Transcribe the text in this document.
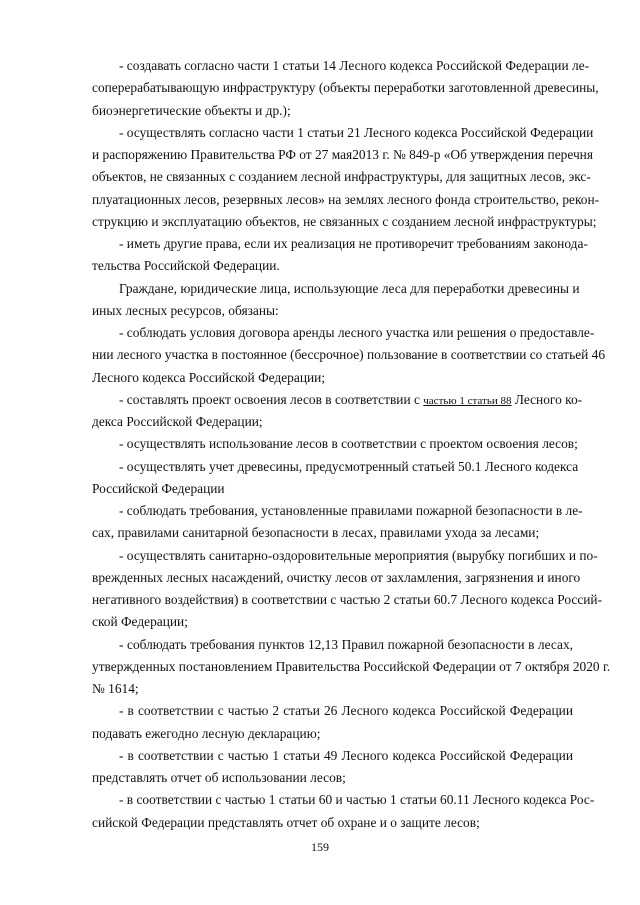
- создавать согласно части 1 статьи 14 Лесного кодекса Российской Федерации ле-
соперерабатывающую инфраструктуру (объекты переработки заготовленной древесины,
биоэнергетические объекты и др.);
- осуществлять согласно части 1 статьи 21 Лесного кодекса Российской Федерации
и распоряжению Правительства РФ от 27 мая2013 г. № 849-р «Об утверждения перечня
объектов, не связанных с созданием лесной инфраструктуры, для защитных лесов, экс-
плуатационных лесов, резервных лесов» на землях лесного фонда строительство, рекон-
струкцию и эксплуатацию объектов, не связанных с созданием лесной инфраструктуры;
- иметь другие права, если их реализация не противоречит требованиям законода-
тельства Российской Федерации.
Граждане, юридические лица, использующие леса для переработки древесины и
иных лесных ресурсов, обязаны:
- соблюдать условия договора аренды лесного участка или решения о предоставле-
нии лесного участка в постоянное (бессрочное) пользование в соответствии со статьей 46
Лесного кодекса Российской Федерации;
- составлять проект освоения лесов в соответствии с частью 1 статьи 88 Лесного ко-
декса Российской Федерации;
- осуществлять использование лесов в соответствии с проектом освоения лесов;
- осуществлять учет древесины, предусмотренный статьей 50.1 Лесного кодекса
Российской Федерации
- соблюдать требования, установленные правилами пожарной безопасности в ле-
сах, правилами санитарной безопасности в лесах, правилами ухода за лесами;
- осуществлять санитарно-оздоровительные мероприятия (вырубку погибших и по-
врежденных лесных насаждений, очистку лесов от захламления, загрязнения и иного
негативного воздействия) в соответствии с частью 2 статьи 60.7 Лесного кодекса Россий-
ской Федерации;
- соблюдать требования пунктов 12,13 Правил пожарной безопасности в лесах,
утвержденных постановлением Правительства Российской Федерации от 7 октября 2020 г.
№ 1614;
- в соответствии с частью 2 статьи 26 Лесного кодекса Российской Федерации
подавать ежегодно лесную декларацию;
- в соответствии с частью 1 статьи 49 Лесного кодекса Российской Федерации
представлять отчет об использовании лесов;
- в соответствии с частью 1 статьи 60 и частью 1 статьи 60.11 Лесного кодекса Рос-
сийской Федерации представлять отчет об охране и о защите лесов;
159
